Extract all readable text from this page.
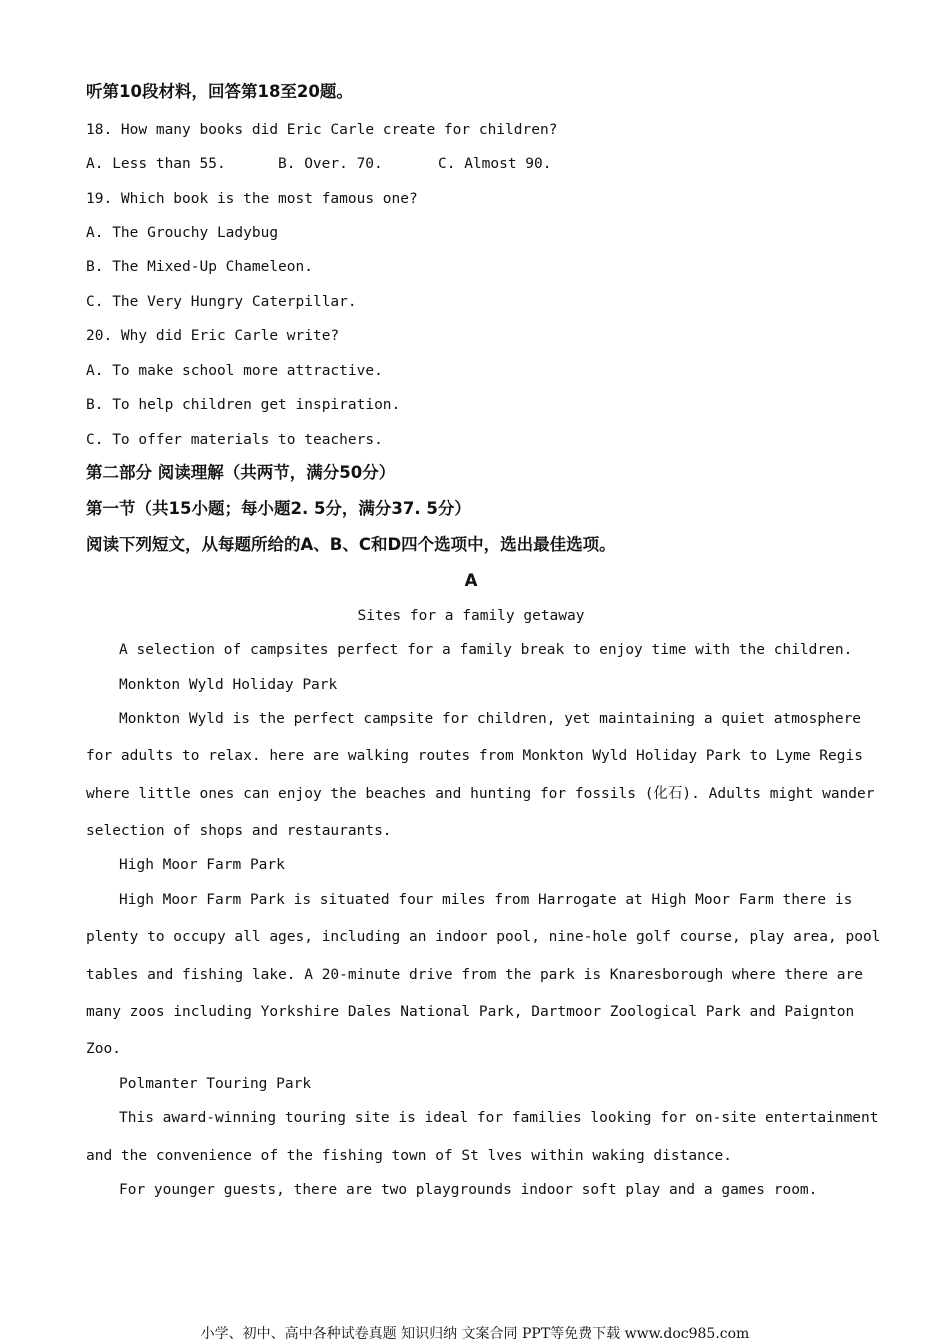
听第10段材料，回答第18至20题。

18. How many books did Eric Carle create for children?

A. Less than 55.	B. Over. 70.	C. Almost 90.

19. Which book is the most famous one?

A. The Grouchy Ladybug

B. The Mixed-Up Chameleon.

C. The Very Hungry Caterpillar.

20. Why did Eric Carle write?

A. To make school more attractive.

B. To help children get inspiration.

C. To offer materials to teachers.

第二部分 阅读理解（共两节，满分50分）

第一节（共15小题；每小题2. 5分，满分37. 5分）

阅读下列短文，从每题所给的A、B、C和D四个选项中，选出最佳选项。

A

Sites for a family getaway

A selection of campsites perfect for a family break to enjoy time with the children.

Monkton Wyld Holiday Park

Monkton Wyld is the perfect campsite for children, yet maintaining a quiet atmosphere

for adults to relax. here are walking routes from Monkton Wyld Holiday Park to Lyme Regis

where little ones can enjoy the beaches and hunting for fossils (化石). Adults might wander

selection of shops and restaurants.

High Moor Farm Park

High Moor Farm Park is situated four miles from Harrogate at High Moor Farm there is

plenty to occupy all ages, including an indoor pool, nine-hole golf course, play area, pool

tables and fishing lake. A 20-minute drive from the park is Knaresborough where there are

many zoos including Yorkshire Dales National Park, Dartmoor Zoological Park and Paignton

Zoo.

Polmanter Touring Park

This award-winning touring site is ideal for families looking for on-site entertainment

and the convenience of the fishing town of St lves within waking distance.

For younger guests, there are two playgrounds indoor soft play and a games room.

小学、初中、高中各种试卷真题 知识归纳 文案合同 PPT等免费下载 www.doc985.com
